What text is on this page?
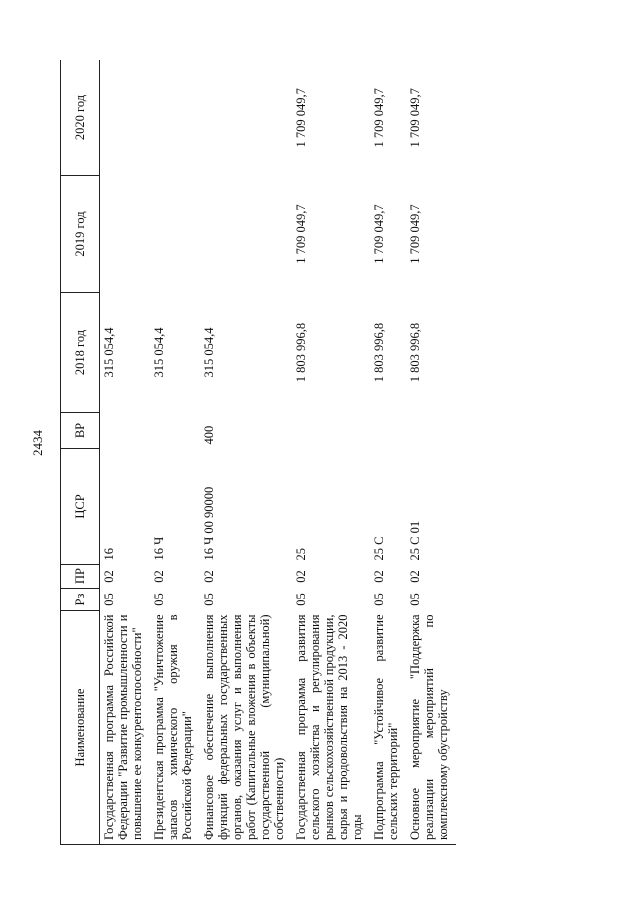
2434
Наименование	Рз	ПР	ЦСР	ВР	2018 год	2019 год	2020 год
Государственная программа Российской Федерации "Развитие промышленности и повышение ее конкурентоспособности"	05	02	16		315 054,4		
Президентская программа "Уничтожение запасов химического оружия в Российской Федерации"	05	02	16 Ч		315 054,4		
Финансовое обеспечение выполнения функций федеральных государственных органов, оказания услуг и выполнения работ (Капитальные вложения в объекты государственной (муниципальной) собственности)	05	02	16 Ч 00 90000	400	315 054,4		
Государственная программа развития сельского хозяйства и регулирования рынков сельскохозяйственной продукции, сырья и продовольствия на 2013 - 2020 годы	05	02	25		1 803 996,8	1 709 049,7	1 709 049,7
Подпрограмма "Устойчивое развитие сельских территорий"	05	02	25 С		1 803 996,8	1 709 049,7	1 709 049,7
Основное мероприятие "Поддержка реализации мероприятий по комплексному обустройству	05	02	25 С 01		1 803 996,8	1 709 049,7	1 709 049,7
